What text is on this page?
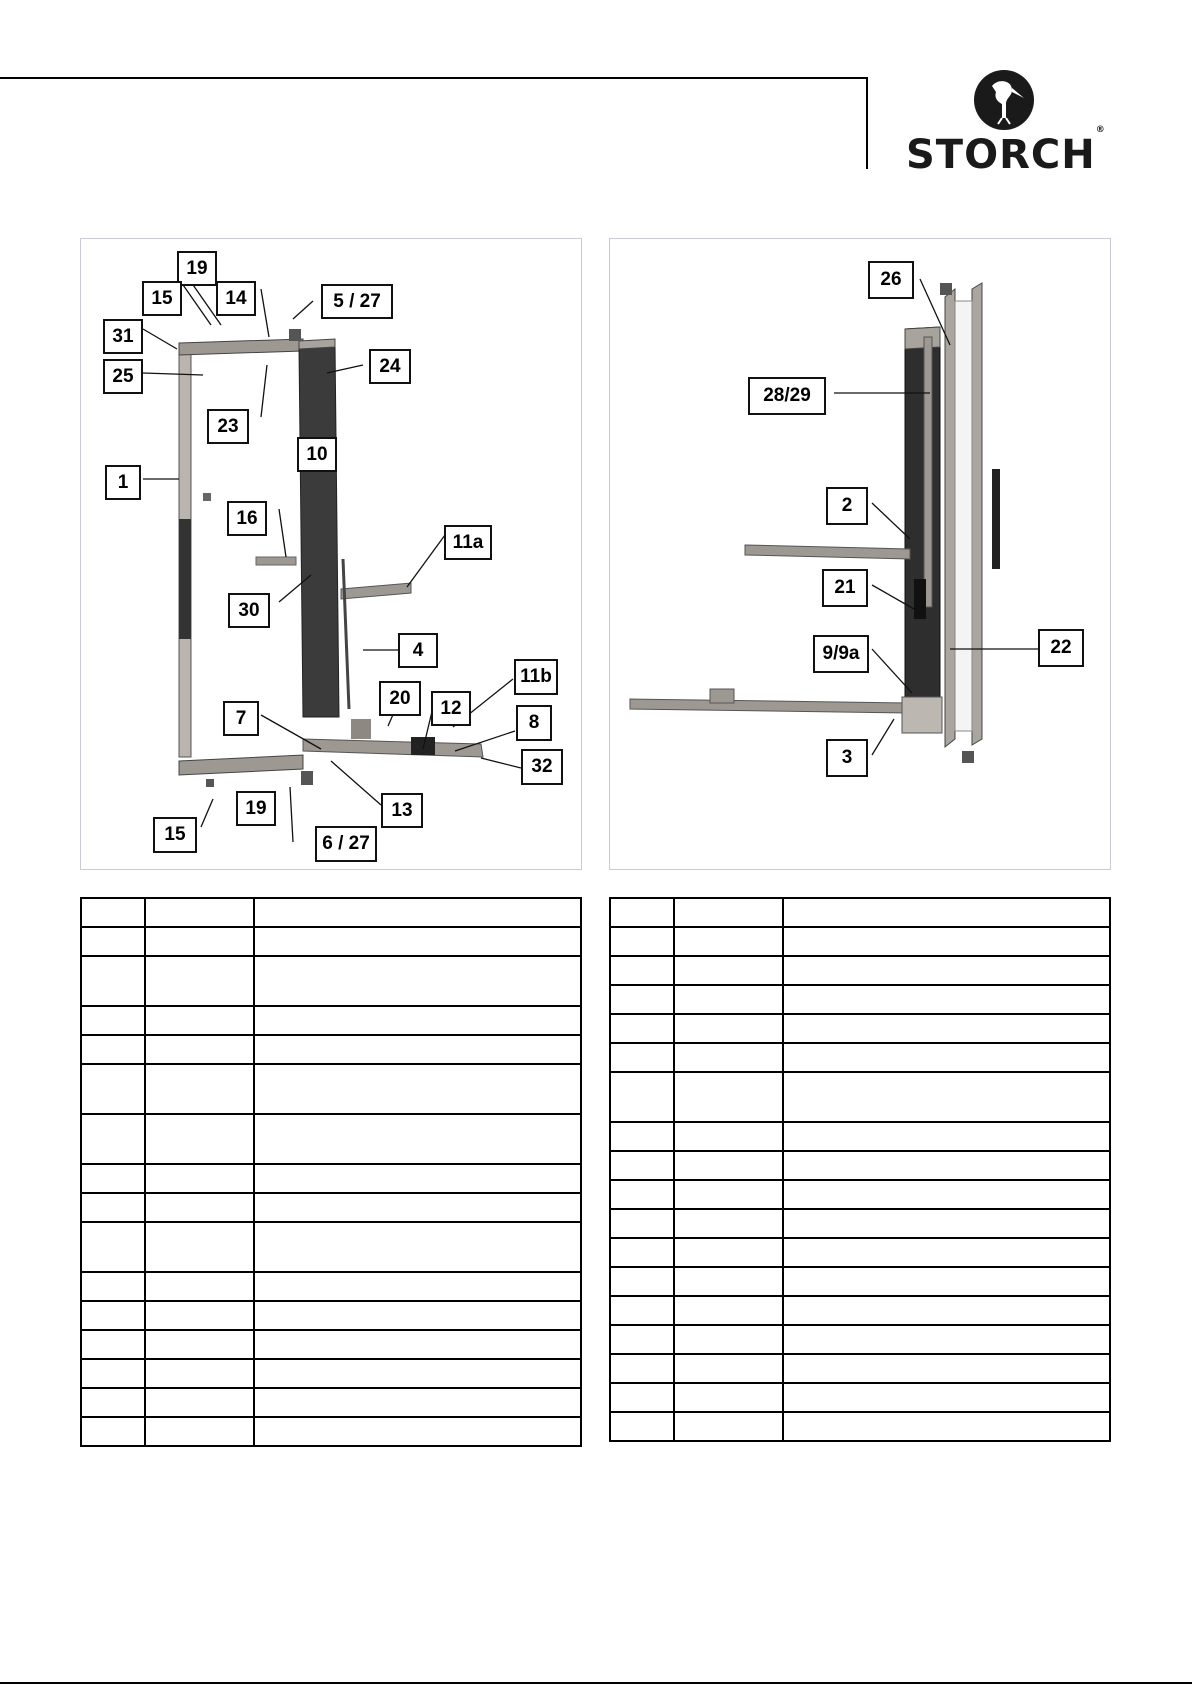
STORCH®
19
15	14	5 / 27
31
24
25
23
10
1
16
11a
30
4
11b
20	12
7	8
32
13
19
15	6 / 27
26
28/29
2
21
9/9a	22
3
